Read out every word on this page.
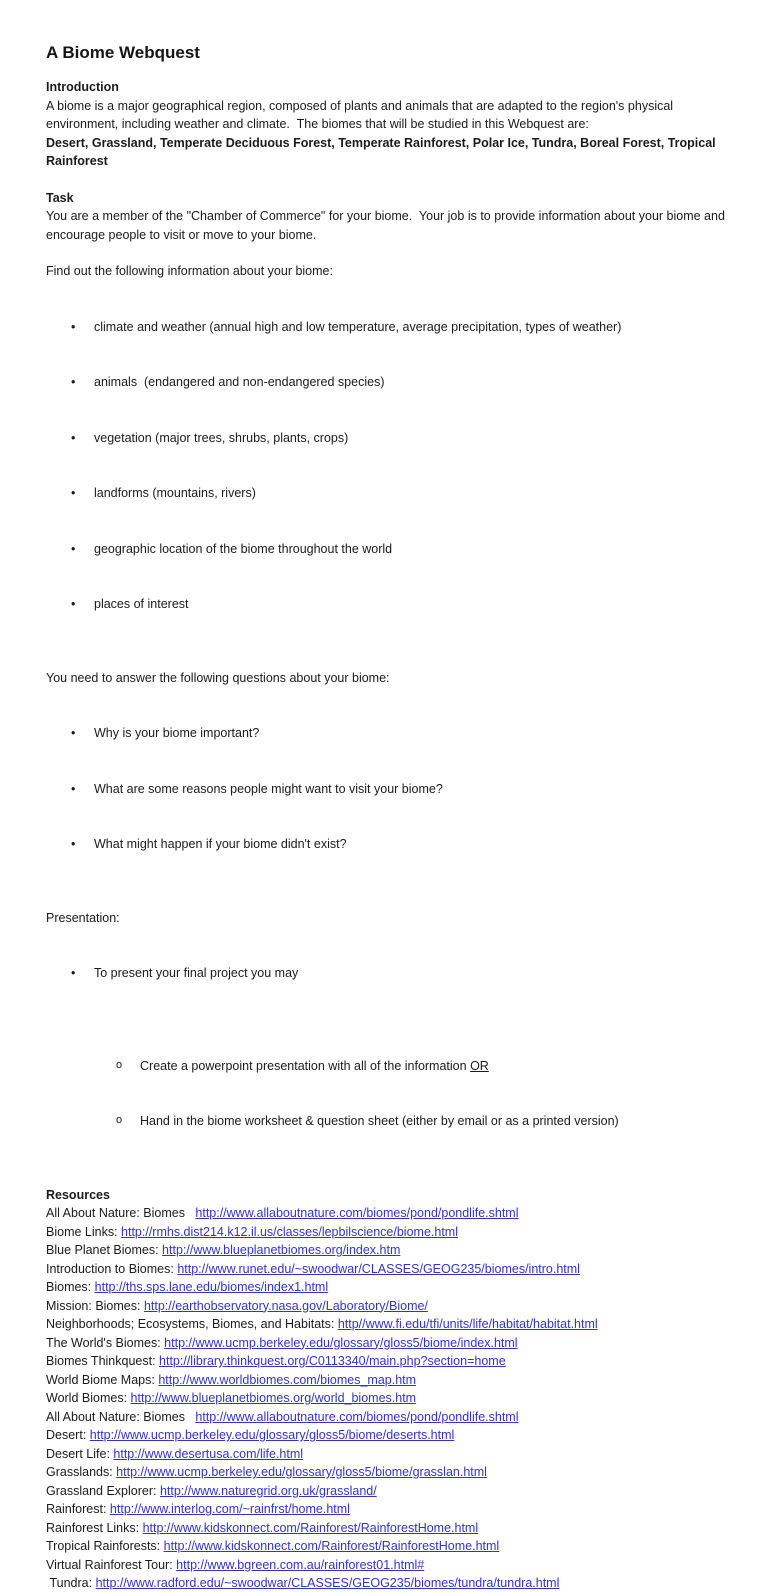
A Biome Webquest

Introduction

A biome is a major geographical region, composed of plants and animals that are adapted to the region's physical environment, including weather and climate.  The biomes that will be studied in this Webquest are:

Desert, Grassland, Temperate Deciduous Forest, Temperate Rainforest, Polar Ice, Tundra, Boreal Forest, Tropical Rainforest

Task

You are a member of the "Chamber of Commerce" for your biome.  Your job is to provide information about your biome and encourage people to visit or move to your biome.

Find out the following information about your biome:

• climate and weather (annual high and low temperature, average precipitation, types of weather)

• animals  (endangered and non-endangered species)

• vegetation (major trees, shrubs, plants, crops)

• landforms (mountains, rivers)

• geographic location of the biome throughout the world

• places of interest

You need to answer the following questions about your biome:

• Why is your biome important?

• What are some reasons people might want to visit your biome?

• What might happen if your biome didn't exist?

Presentation:

• To present your final project you may

o Create a powerpoint presentation with all of the information OR

o Hand in the biome worksheet & question sheet (either by email or as a printed version)

Resources

All About Nature: Biomes   http://www.allaboutnature.com/biomes/pond/pondlife.shtml

Biome Links: http://rmhs.dist214.k12.il.us/classes/lepbilscience/biome.html

Blue Planet Biomes: http://www.blueplanetbiomes.org/index.htm

Introduction to Biomes: http://www.runet.edu/~swoodwar/CLASSES/GEOG235/biomes/intro.html

Biomes: http://ths.sps.lane.edu/biomes/index1.html

Mission: Biomes: http://earthobservatory.nasa.gov/Laboratory/Biome/

Neighborhoods; Ecosystems, Biomes, and Habitats: http//www.fi.edu/tfi/units/life/habitat/habitat.html

The World's Biomes: http://www.ucmp.berkeley.edu/glossary/gloss5/biome/index.html

Biomes Thinkquest: http://library.thinkquest.org/C0113340/main.php?section=home

World Biome Maps: http://www.worldbiomes.com/biomes_map.htm

World Biomes: http://www.blueplanetbiomes.org/world_biomes.htm

All About Nature: Biomes   http://www.allaboutnature.com/biomes/pond/pondlife.shtml

Desert: http://www.ucmp.berkeley.edu/glossary/gloss5/biome/deserts.html

Desert Life: http://www.desertusa.com/life.html

Grasslands: http://www.ucmp.berkeley.edu/glossary/gloss5/biome/grasslan.html

Grassland Explorer: http://www.naturegrid.org.uk/grassland/

Rainforest: http://www.interlog.com/~rainfrst/home.html

Rainforest Links: http://www.kidskonnect.com/Rainforest/RainforestHome.html

Tropical Rainforests: http://www.kidskonnect.com/Rainforest/RainforestHome.html

Virtual Rainforest Tour: http://www.bgreen.com.au/rainforest01.html#

Tundra: http://www.radford.edu/~swoodwar/CLASSES/GEOG235/biomes/tundra/tundra.html
